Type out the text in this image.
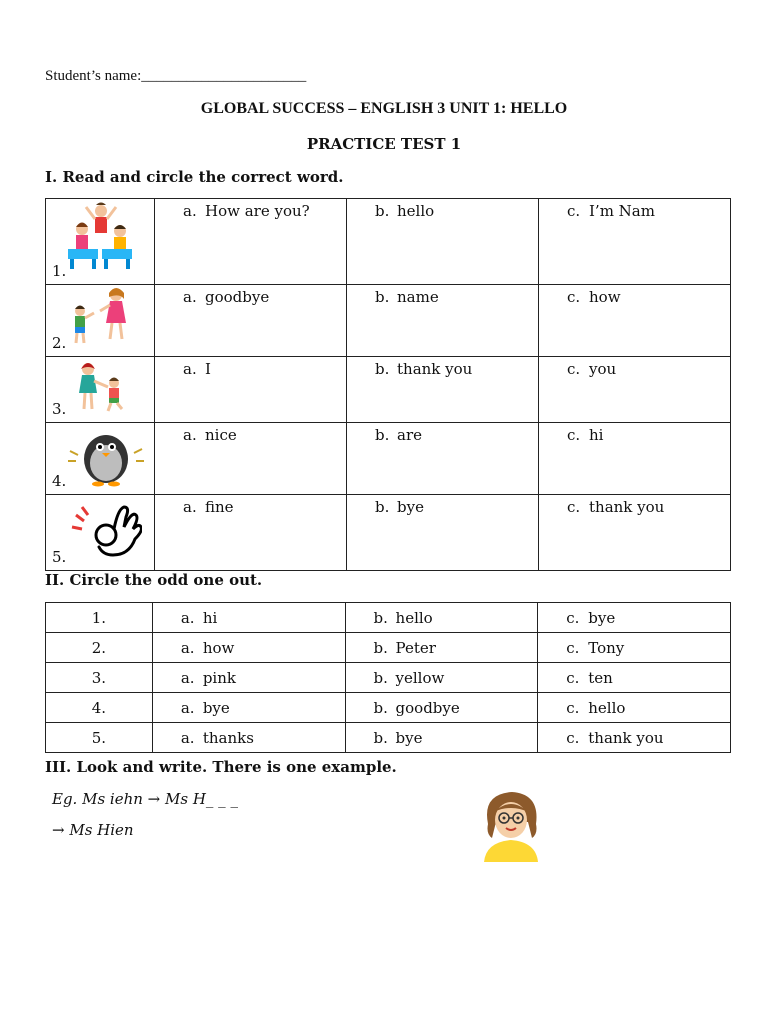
Student’s name:______________________
GLOBAL SUCCESS – ENGLISH 3 UNIT 1: HELLO
PRACTICE TEST 1
I. Read and circle the correct word.
1.	a. How are you?	b. hello	c. I’m Nam

2.	a. goodbye	b. name	c. how

3.	a. I	b. thank you	c. you

4.	a. nice	b. are	c. hi

5.	a. fine	b. bye	c. thank you
II. Circle the odd one out.
1.	a. hi	b. hello	c. bye
2.	a. how	b. Peter	c. Tony
3.	a. pink	b. yellow	c. ten
4.	a. bye	b. goodbye	c. hello
5.	a. thanks	b. bye	c. thank you
III. Look and write. There is one example.
Eg. Ms iehn → Ms H_ _ _
→ Ms Hien
